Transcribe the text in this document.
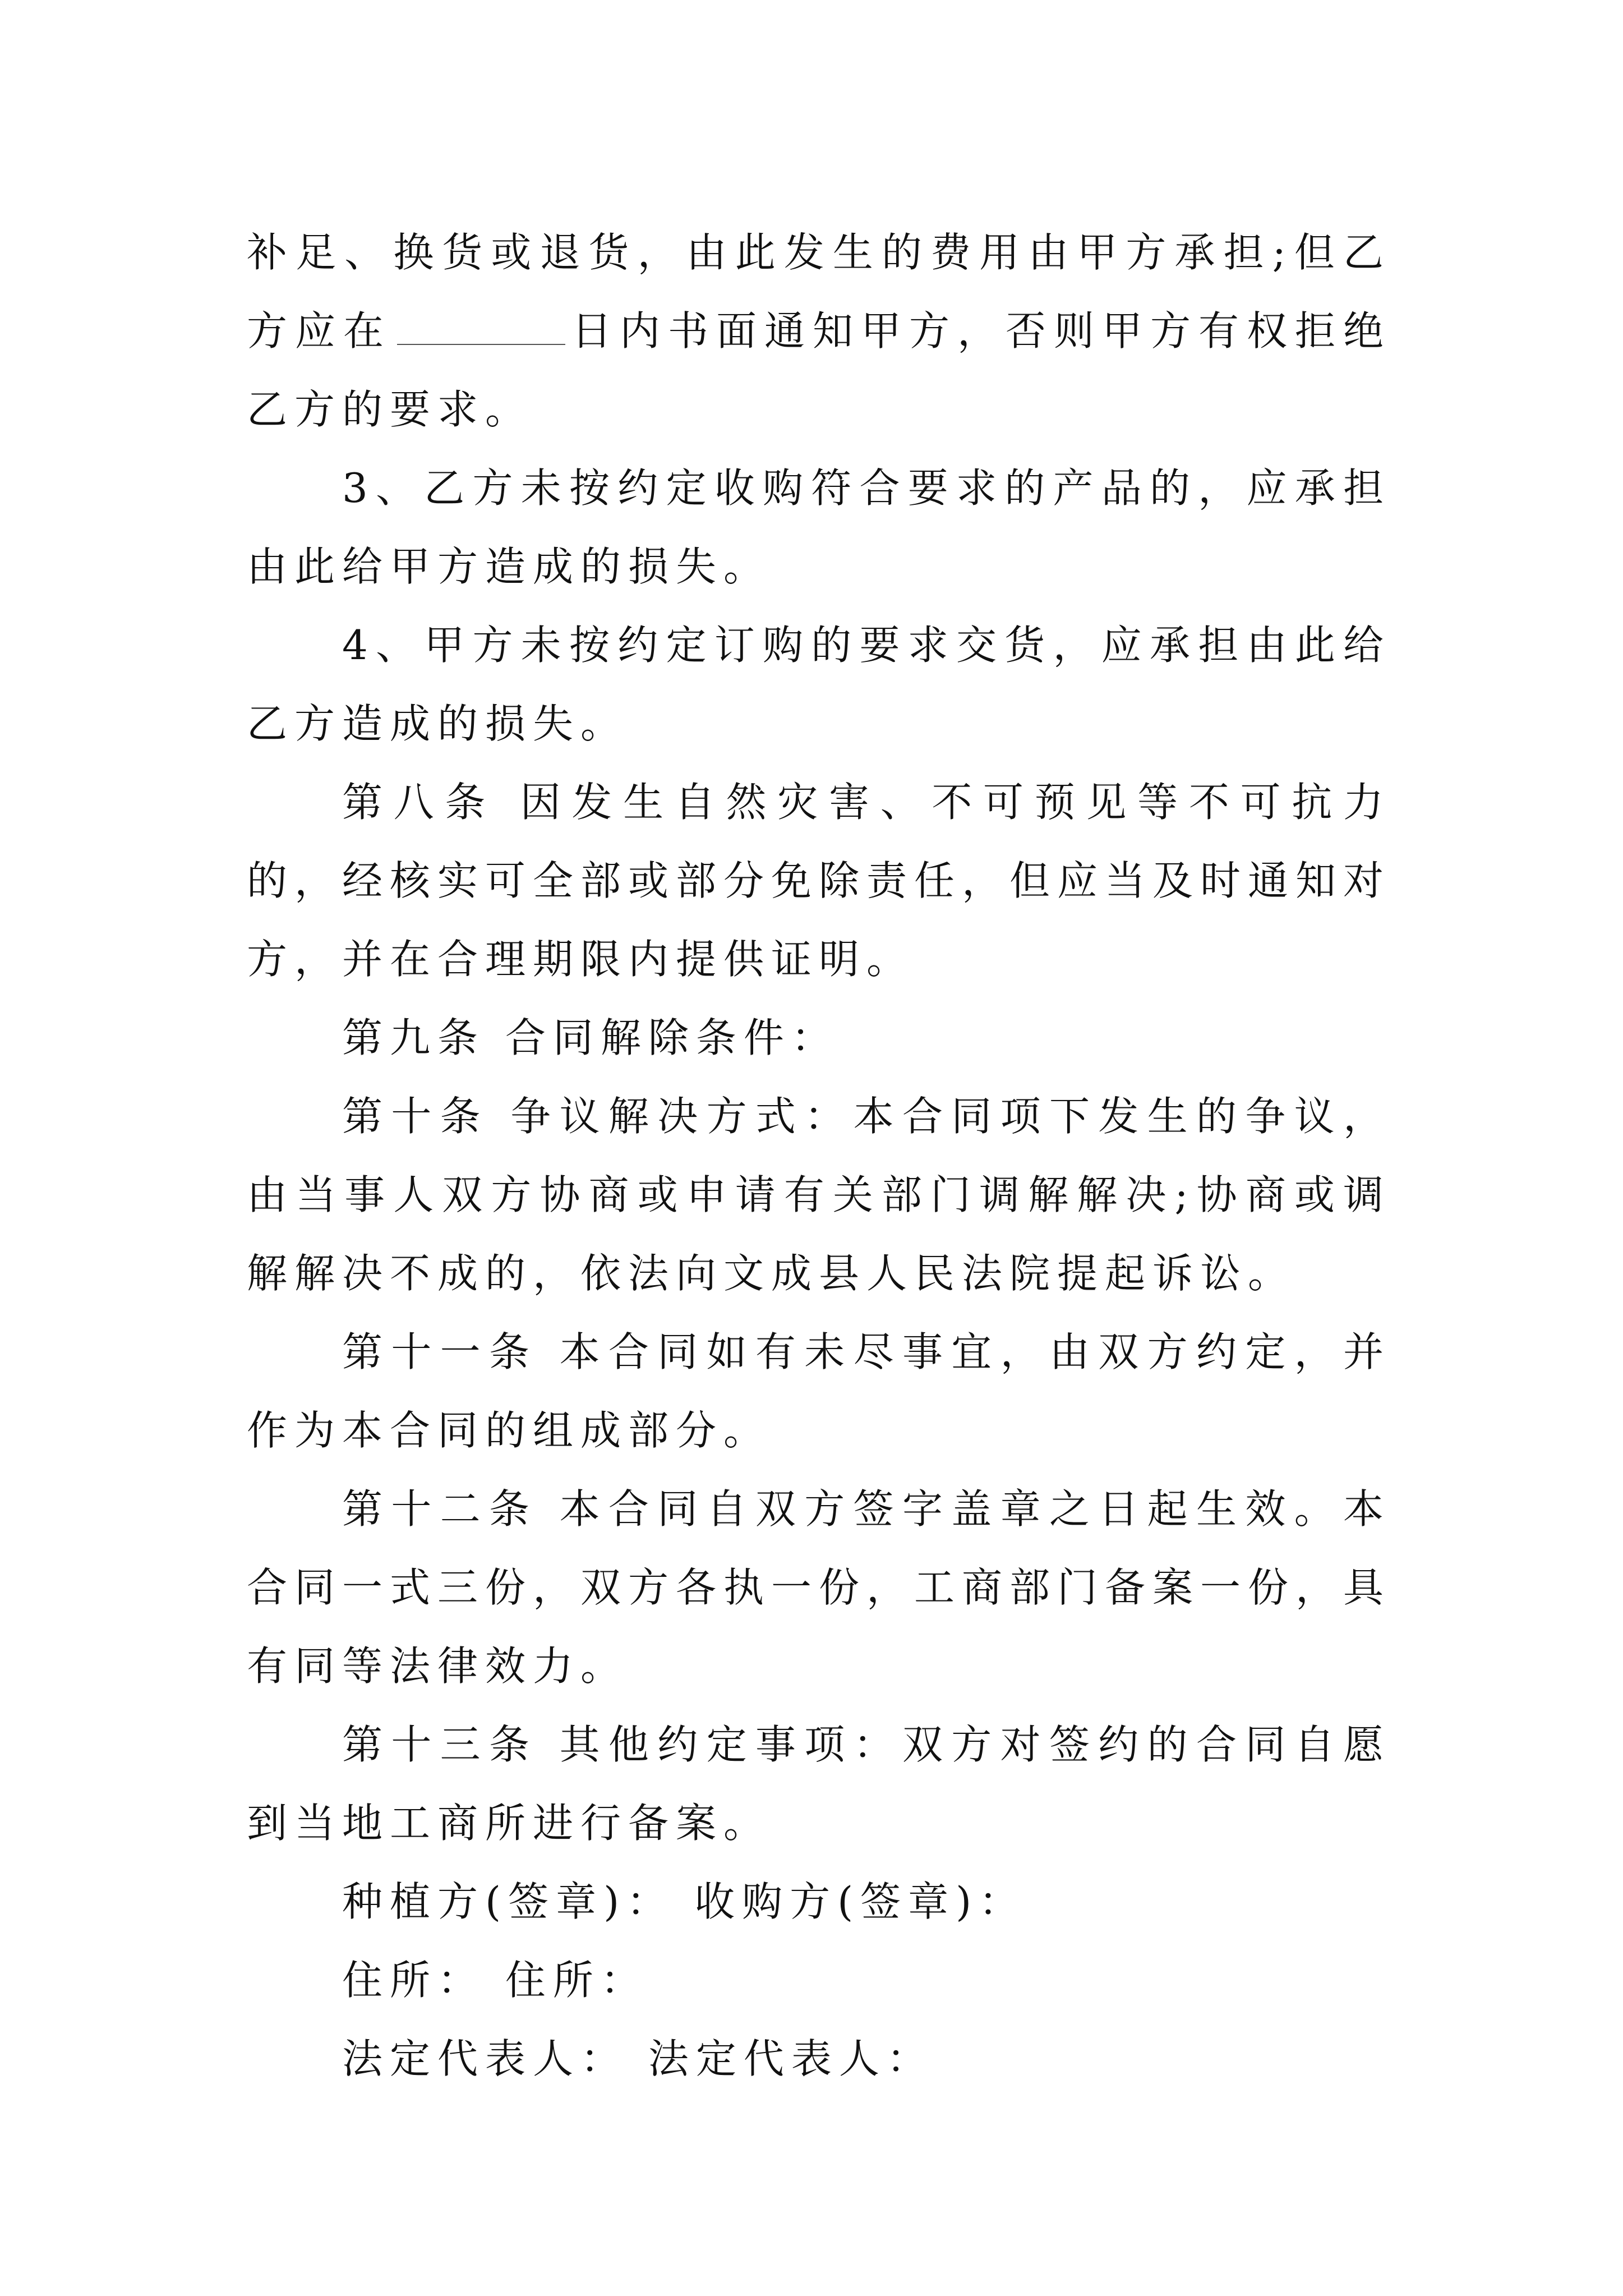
补足、换货或退货，由此发生的费用由甲方承担;但乙方应在	日内书面通知甲方，否则甲方有权拒绝乙方的要求。

3、乙方未按约定收购符合要求的产品的，应承担由此给甲方造成的损失。

4、甲方未按约定订购的要求交货，应承担由此给乙方造成的损失。

第八条 因发生自然灾害、不可预见等不可抗力的，经核实可全部或部分免除责任，但应当及时通知对方，并在合理期限内提供证明。

第九条 合同解除条件：

第十条 争议解决方式：本合同项下发生的争议，由当事人双方协商或申请有关部门调解解决;协商或调解解决不成的，依法向文成县人民法院提起诉讼。

第十一条 本合同如有未尽事宜，由双方约定，并作为本合同的组成部分。

第十二条 本合同自双方签字盖章之日起生效。本合同一式三份，双方各执一份，工商部门备案一份，具有同等法律效力。

第十三条 其他约定事项：双方对签约的合同自愿到当地工商所进行备案。

种植方(签章)： 收购方(签章)：

住所： 住所：

法定代表人： 法定代表人：
